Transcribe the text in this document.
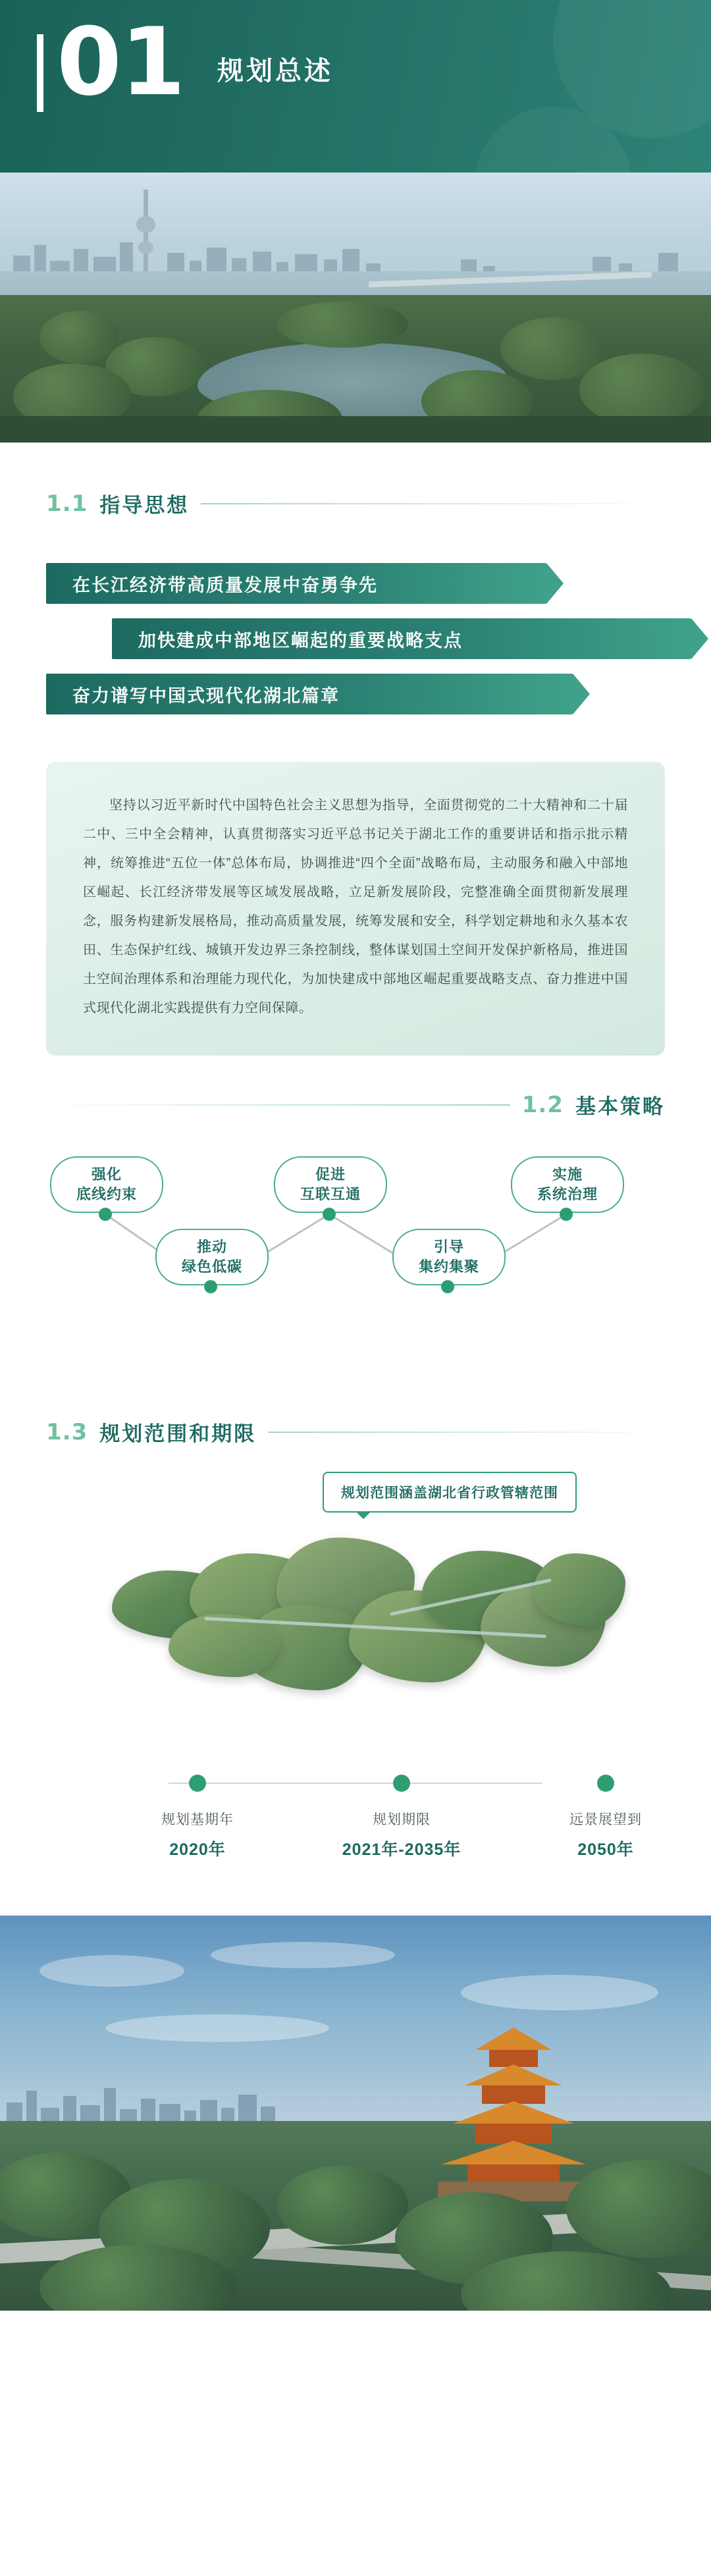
01 规划总述
1.1 指导思想
在长江经济带高质量发展中奋勇争先
加快建成中部地区崛起的重要战略支点
奋力谱写中国式现代化湖北篇章

坚持以习近平新时代中国特色社会主义思想为指导，全面贯彻党的二十大精神和二十届二中、三中全会精神，认真贯彻落实习近平总书记关于湖北工作的重要讲话和指示批示精神，统筹推进“五位一体”总体布局，协调推进“四个全面”战略布局，主动服务和融入中部地区崛起、长江经济带发展等区域发展战略，立足新发展阶段，完整准确全面贯彻新发展理念，服务构建新发展格局，推动高质量发展，统筹发展和安全，科学划定耕地和永久基本农田、生态保护红线、城镇开发边界三条控制线，整体谋划国土空间开发保护新格局，推进国土空间治理体系和治理能力现代化，为加快建成中部地区崛起重要战略支点、奋力推进中国式现代化湖北实践提供有力空间保障。

1.2 基本策略
强化
底线约束
推动
绿色低碳
促进
互联互通
引导
集约集聚
实施
系统治理
1.3 规划范围和期限
规划范围涵盖湖北省行政管辖范围
规划基期年
2020年
规划期限
2021年-2035年
远景展望到
2050年
